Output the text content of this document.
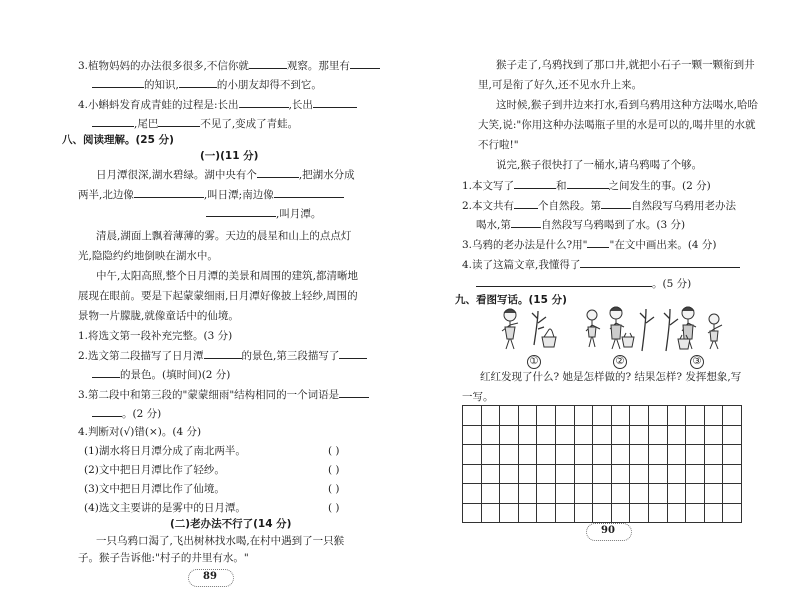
3.植物妈妈的办法很多很多,不信你就	观察。那里有
的知识,	的小朋友却得不到它。
4.小蝌蚪发育成青蛙的过程是:长出	,长出
,尾巴	不见了,变成了青蛙。
八、阅读理解。(25 分)
(一)(11 分)
日月潭很深,湖水碧绿。湖中央有个	,把湖水分成
两半,北边像	,叫日潭;南边像
,叫月潭。
清晨,湖面上飘着薄薄的雾。天边的晨星和山上的点点灯
光,隐隐约约地倒映在湖水中。
中午,太阳高照,整个日月潭的美景和周围的建筑,都清晰地
展现在眼前。要是下起蒙蒙细雨,日月潭好像披上轻纱,周围的
景物一片朦胧,就像童话中的仙境。
1.将选文第一段补充完整。(3 分)
2.选文第二段描写了日月潭	的景色,第三段描写了
的景色。(填时间)(2 分)
3.第二段中和第三段的"蒙蒙细雨"结构相同的一个词语是
。(2 分)
4.判断对(√)错(×)。(4 分)
(1)湖水将日月潭分成了南北两半。	( )
(2)文中把日月潭比作了轻纱。	( )
(3)文中把日月潭比作了仙境。	( )
(4)选文主要讲的是雾中的日月潭。	( )
89
猴子走了,乌鸦找到了那口井,就把小石子一颗一颗衔到井
里,可是衔了好久,还不见水升上来。
这时候,猴子到井边来打水,看到乌鸦用这种方法喝水,哈哈
大笑,说:"你用这种办法喝瓶子里的水是可以的,喝井里的水就
不行啦!"
说完,猴子很快打了一桶水,请乌鸦喝了个够。
1.本文写了	和	之间发生的事。(2 分)
2.本文共有 个自然段。第	自然段写乌鸦用老办法
喝水,第	自然段写乌鸦喝到了水。(3 分)
3.乌鸦的老办法是什么?用" "在文中画出来。(4 分)
4.读了这篇文章,我懂得了
。(5 分)
九、看图写话。(15 分)
①	②	③
红红发现了什么? 她是怎样做的? 结果怎样? 发挥想象,写
一写。
90
(二)老办法不行了(14 分)
一只乌鸦口渴了,飞出树林找水喝,在村中遇到了一只猴
子。猴子告诉他:"村子的井里有水。"
